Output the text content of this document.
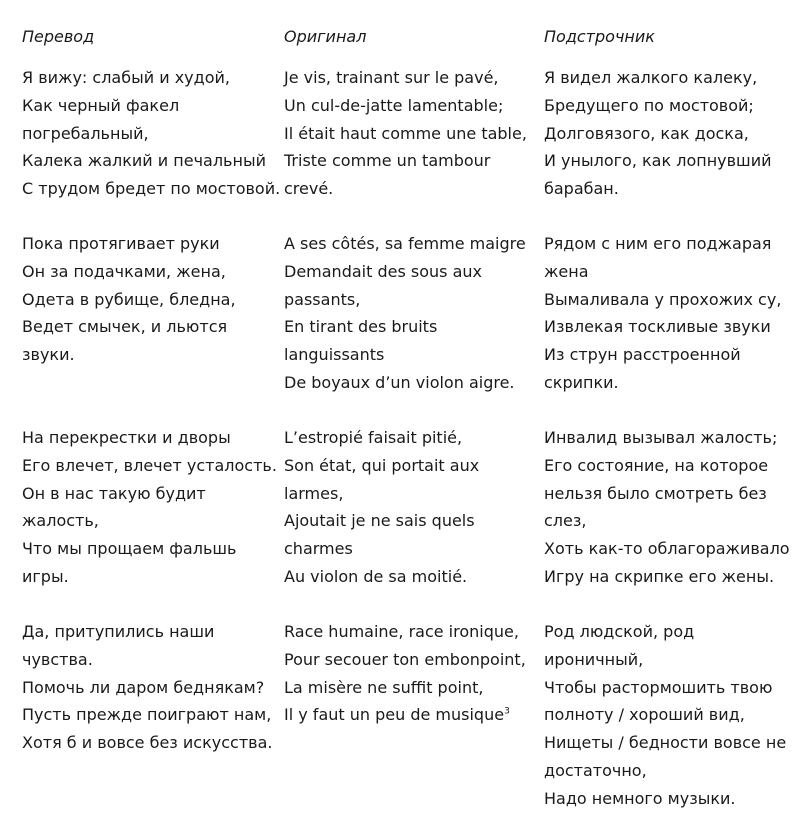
Перевод
Я вижу: слабый и худой,
Как черный факел
погребальный,
Калека жалкий и печальный
С трудом бредет по мостовой.
Пока протягивает руки
Он за подачками, жена,
Одета в рубище, бледна,
Ведет смычек, и льются
звуки.
На перекрестки и дворы
Его влечет, влечет усталость.
Он в нас такую будит
жалость,
Что мы прощаем фальшь
игры.
Да, притупились наши
чувства.
Помочь ли даром беднякам?
Пусть прежде поиграют нам,
Хотя б и вовсе без искусства.
Оригинал
Je vis, trainant sur le pavé,
Un cul-de-jatte lamentable;
Il était haut comme une table,
Triste comme un tambour
crevé.
A ses côtés, sa femme maigre
Demandait des sous aux
passants,
En tirant des bruits
languissants
De boyaux d’un violon aigre.
L’estropié faisait pitié,
Son état, qui portait aux
larmes,
Ajoutait je ne sais quels
charmes
Au violon de sa moitié.
Race humaine, race ironique,
Pour secouer ton embonpoint,
La misère ne suffit point,
Il y faut un peu de musique$^3$
Подстрочник
Я видел жалкого калеку,
Бредущего по мостовой;
Долговязого, как доска,
И унылого, как лопнувший
барабан.
Рядом с ним его поджарая
жена
Вымаливала у прохожих су,
Извлекая тоскливые звуки
Из струн расстроенной
скрипки.
Инвалид вызывал жалость;
Его состояние, на которое
нельзя было смотреть без
слез,
Хоть как-то облагораживало
Игру на скрипке его жены.
Род людской, род
ироничный,
Чтобы растормошить твою
полноту / хороший вид,
Нищеты / бедности вовсе не
достаточно,
Надо немного музыки.
